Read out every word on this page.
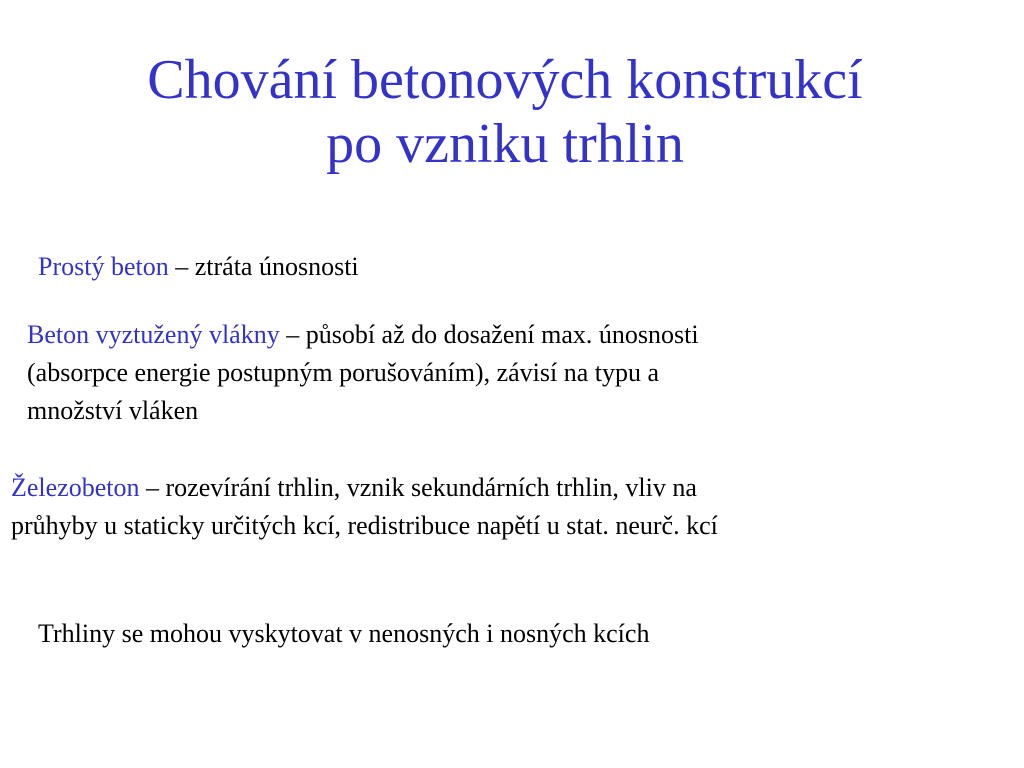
Chování betonových konstrukcí
po vzniku trhlin

Prostý beton – ztráta únosnosti

Beton vyztužený vlákny – působí až do dosažení max. únosnosti
(absorpce energie postupným porušováním), závisí na typu a
množství vláken

Železobeton – rozevírání trhlin, vznik sekundárních trhlin, vliv na
průhyby u staticky určitých kcí, redistribuce napětí u stat. neurč. kcí

Trhliny se mohou vyskytovat v nenosných i nosných kcích
